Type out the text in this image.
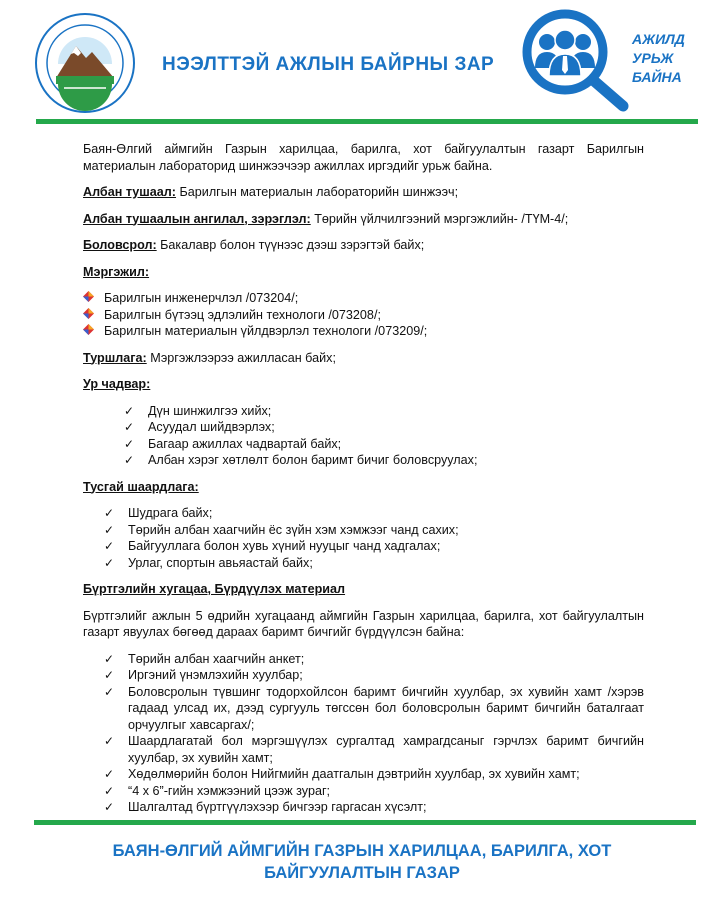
НЭЭЛТТЭЙ АЖЛЫН БАЙРНЫ ЗАР
АЖИЛД
УРЬЖ
БАЙНА

Баян-Өлгий аймгийн Газрын харилцаа, барилга, хот байгуулалтын газарт Барилгын материалын лабораторид шинжээчээр ажиллах иргэдийг урьж байна.

Албан тушаал: Барилгын материалын лабораторийн шинжээч;

Албан тушаалын ангилал, зэрэглэл: Төрийн үйлчилгээний мэргэжлийн- /ТҮМ-4/;

Боловсрол: Бакалавр болон түүнээс дээш зэрэгтэй байх;

Мэргэжил:

Барилгын инженерчлэл /073204/;
Барилгын бүтээц эдлэлийн технологи /073208/;
Барилгын материалын үйлдвэрлэл технологи /073209/;

Туршлага: Мэргэжлээрээ ажилласан байх;

Ур чадвар:

✓ Дүн шинжилгээ хийх;
✓ Асуудал шийдвэрлэх;
✓ Багаар ажиллах чадвартай байх;
✓ Албан хэрэг хөтлөлт болон баримт бичиг боловсруулах;

Тусгай шаардлага:

✓ Шудрага байх;
✓ Төрийн албан хаагчийн ёс зүйн хэм хэмжээг чанд сахих;
✓ Байгууллага болон хувь хүний нууцыг чанд хадгалах;
✓ Урлаг, спортын авьяастай байх;

Бүртгэлийн хугацаа, Бүрдүүлэх материал

Бүртгэлийг ажлын 5 өдрийн хугацаанд аймгийн Газрын харилцаа, барилга, хот байгуулалтын газарт явуулах бөгөөд дараах баримт бичгийг бүрдүүлсэн байна:

✓ Төрийн албан хаагчийн анкет;
✓ Иргэний үнэмлэхийн хуулбар;
✓ Боловсролын түвшинг тодорхойлсон баримт бичгийн хуулбар, эх хувийн хамт /хэрэв гадаад улсад их, дээд сургууль төгссөн бол боловсролын баримт бичгийн баталгаат орчуулгыг хавсаргах/;
✓ Шаардлагатай бол мэргэшүүлэх сургалтад хамрагдсаныг гэрчлэх баримт бичгийн хуулбар, эх хувийн хамт;
✓ Хөдөлмөрийн болон Нийгмийн даатгалын дэвтрийн хуулбар, эх хувийн хамт;
✓ “4 х 6”-гийн хэмжээний цээж зураг;
✓ Шалгалтад бүртгүүлэхээр бичгээр гаргасан хүсэлт;
БАЯН-ӨЛГИЙ АЙМГИЙН ГАЗРЫН ХАРИЛЦАА, БАРИЛГА, ХОТ
БАЙГУУЛАЛТЫН ГАЗАР
